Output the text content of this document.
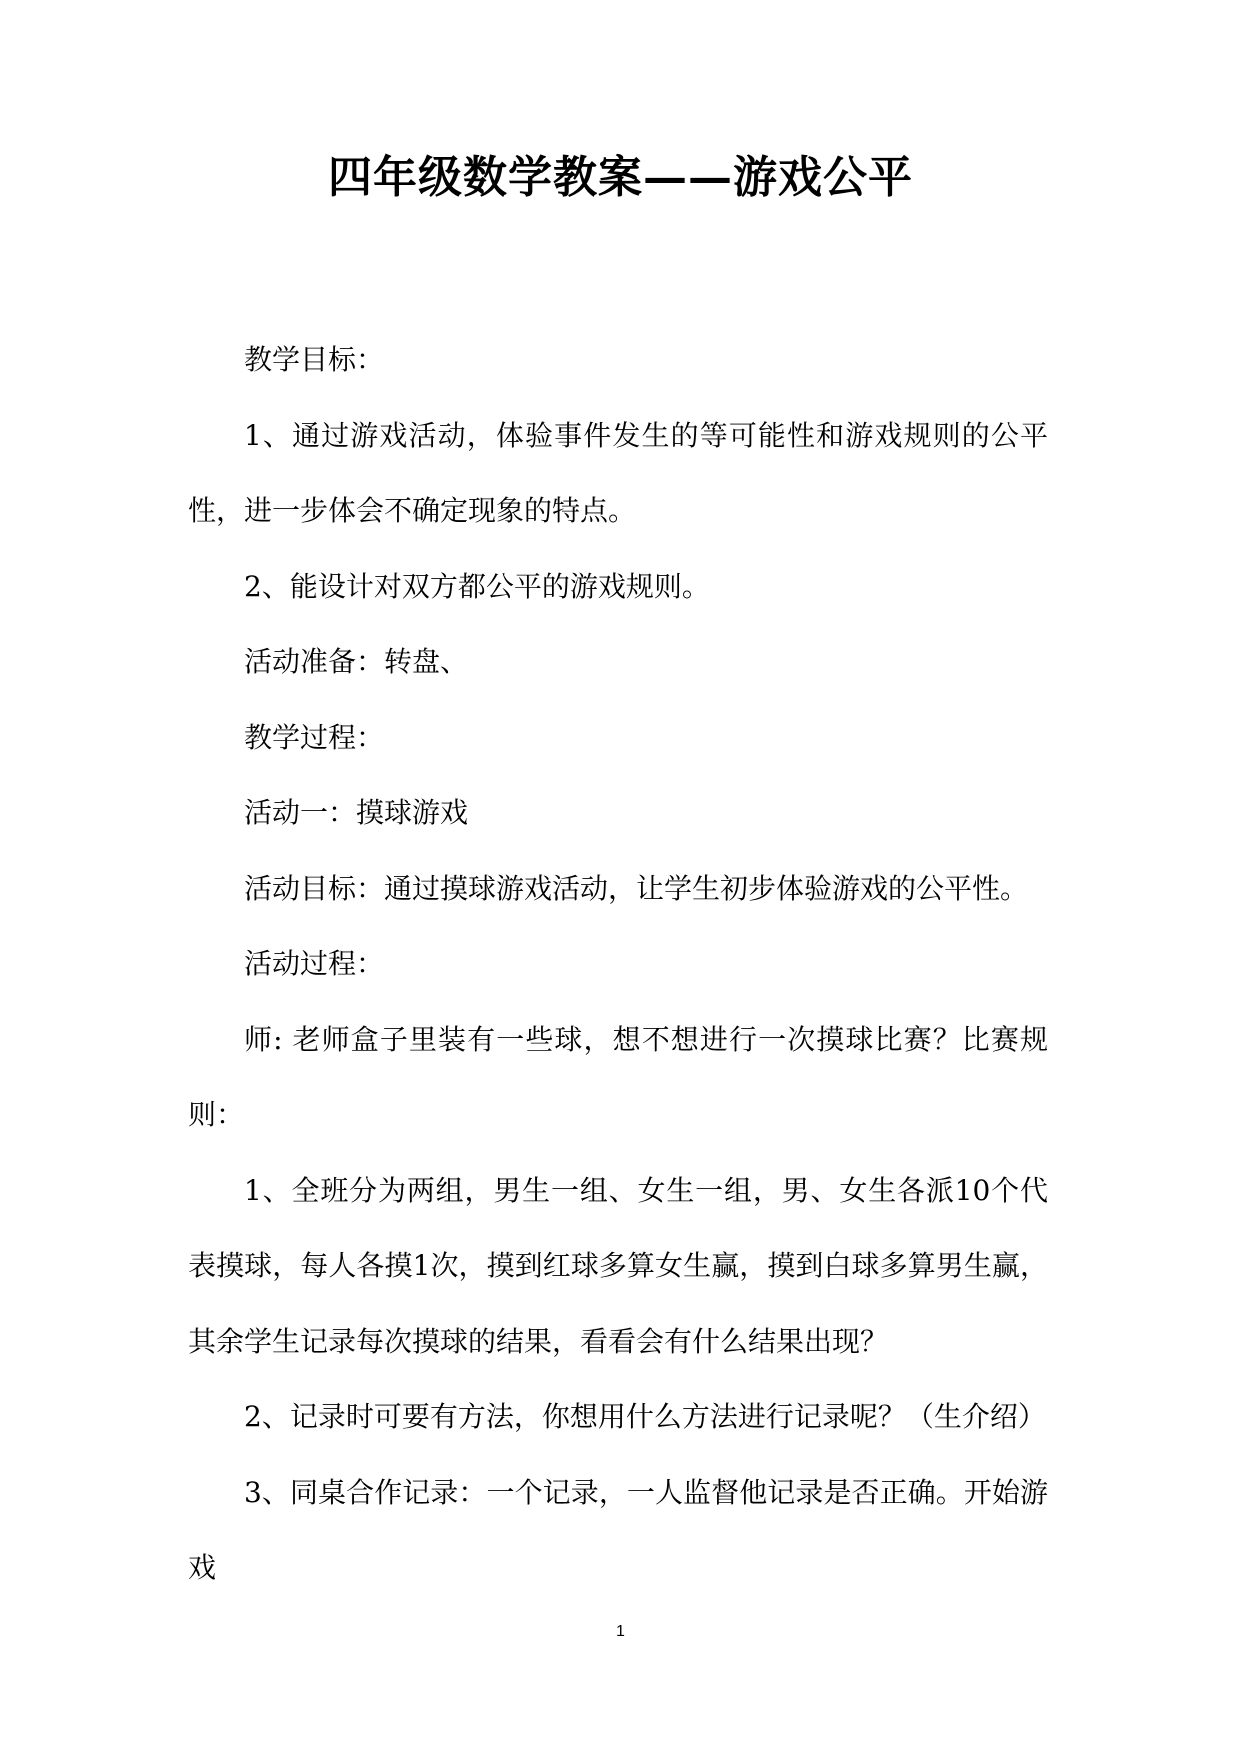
四年级数学教案——游戏公平

教学目标：

1、通过游戏活动，体验事件发生的等可能性和游戏规则的公平性，进一步体会不确定现象的特点。

2、能设计对双方都公平的游戏规则。

活动准备：转盘、

教学过程：

活动一：摸球游戏

活动目标：通过摸球游戏活动，让学生初步体验游戏的公平性。

活动过程：

师: 老师盒子里装有一些球，想不想进行一次摸球比赛？比赛规则：

1、全班分为两组，男生一组、女生一组，男、女生各派10个代表摸球，每人各摸1次，摸到红球多算女生赢，摸到白球多算男生赢，其余学生记录每次摸球的结果，看看会有什么结果出现？

2、记录时可要有方法，你想用什么方法进行记录呢？（生介绍）

3、同桌合作记录：一个记录，一人监督他记录是否正确。开始游戏

1
